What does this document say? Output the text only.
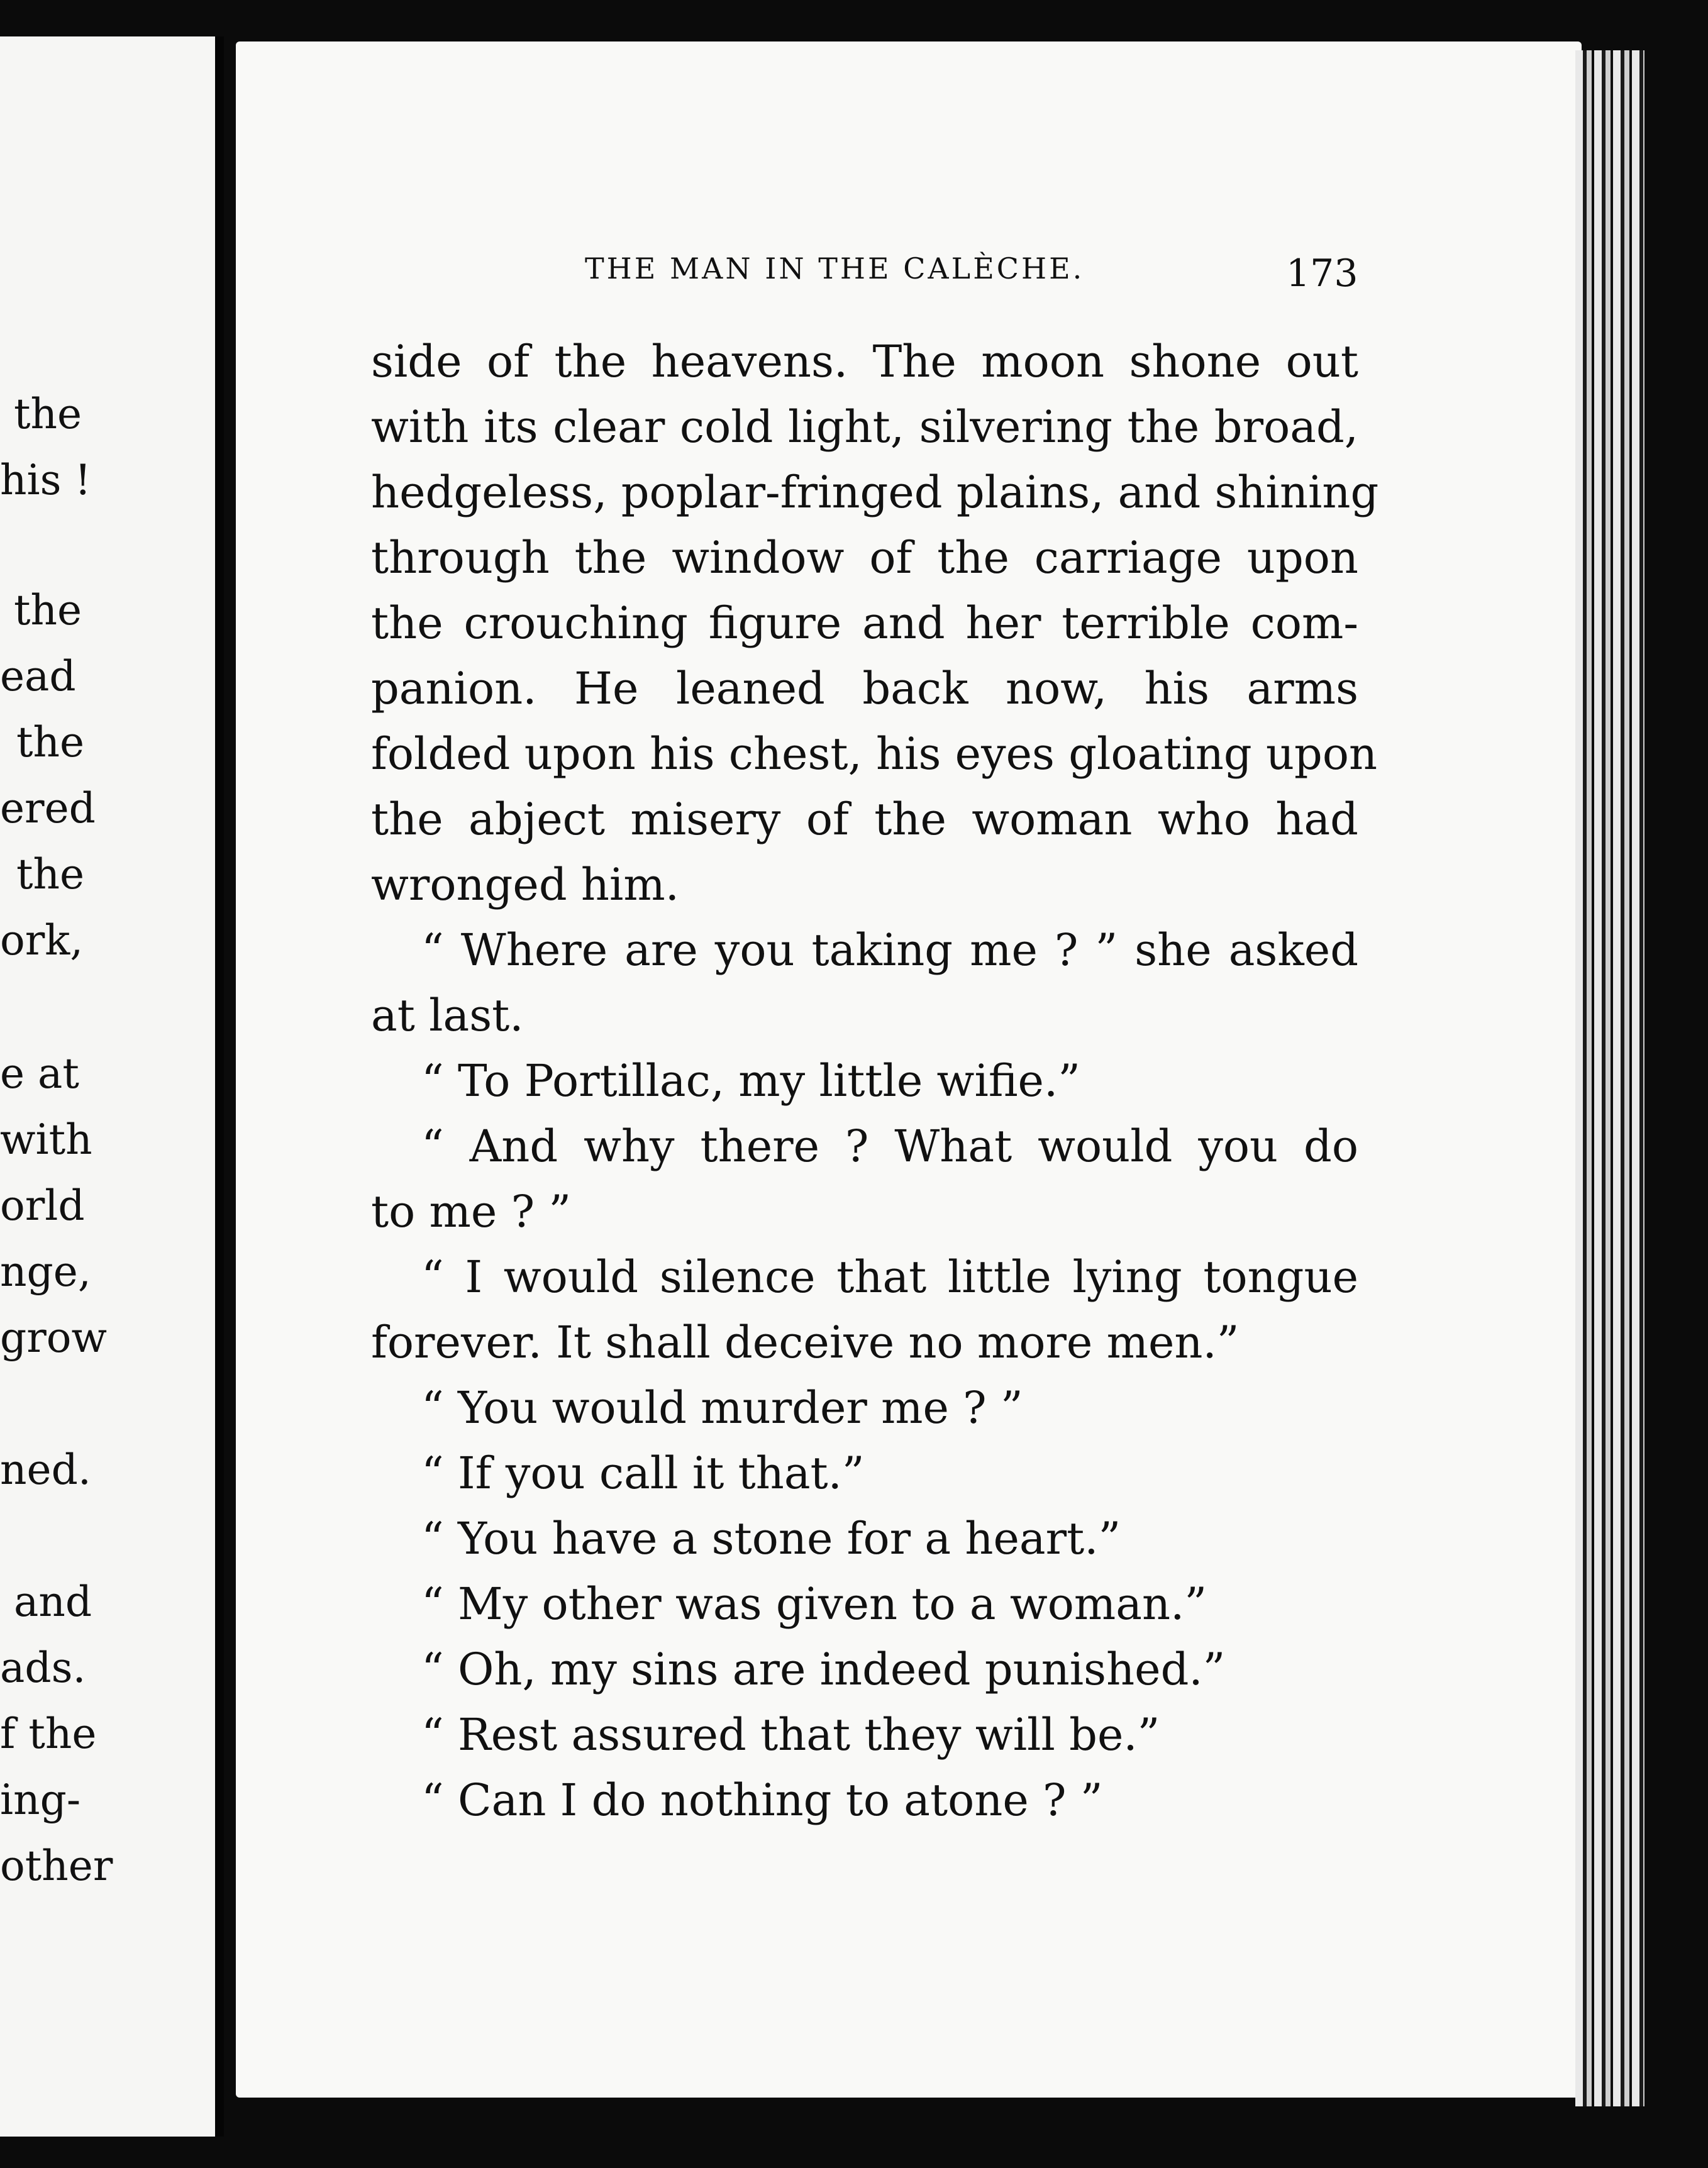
the
his !
the
ead
the
ered
the
ork,
e at
with
orld
nge,
grow
ned.
and
ads.
f the
ing-
other
THE MAN IN THE CALÈCHE.	173
side of the heavens. The moon shone out
with its clear cold light, silvering the broad,
hedgeless, poplar-fringed plains, and shining
through the window of the carriage upon
the crouching figure and her terrible com-
panion. He leaned back now, his arms
folded upon his chest, his eyes gloating upon
the abject misery of the woman who had
wronged him.
“ Where are you taking me ? ” she asked
at last.
“ To Portillac, my little wifie.”
“ And why there ? What would you do
to me ? ”
“ I would silence that little lying tongue
forever. It shall deceive no more men.”
“ You would murder me ? ”
“ If you call it that.”
“ You have a stone for a heart.”
“ My other was given to a woman.”
“ Oh, my sins are indeed punished.”
“ Rest assured that they will be.”
“ Can I do nothing to atone ? ”
